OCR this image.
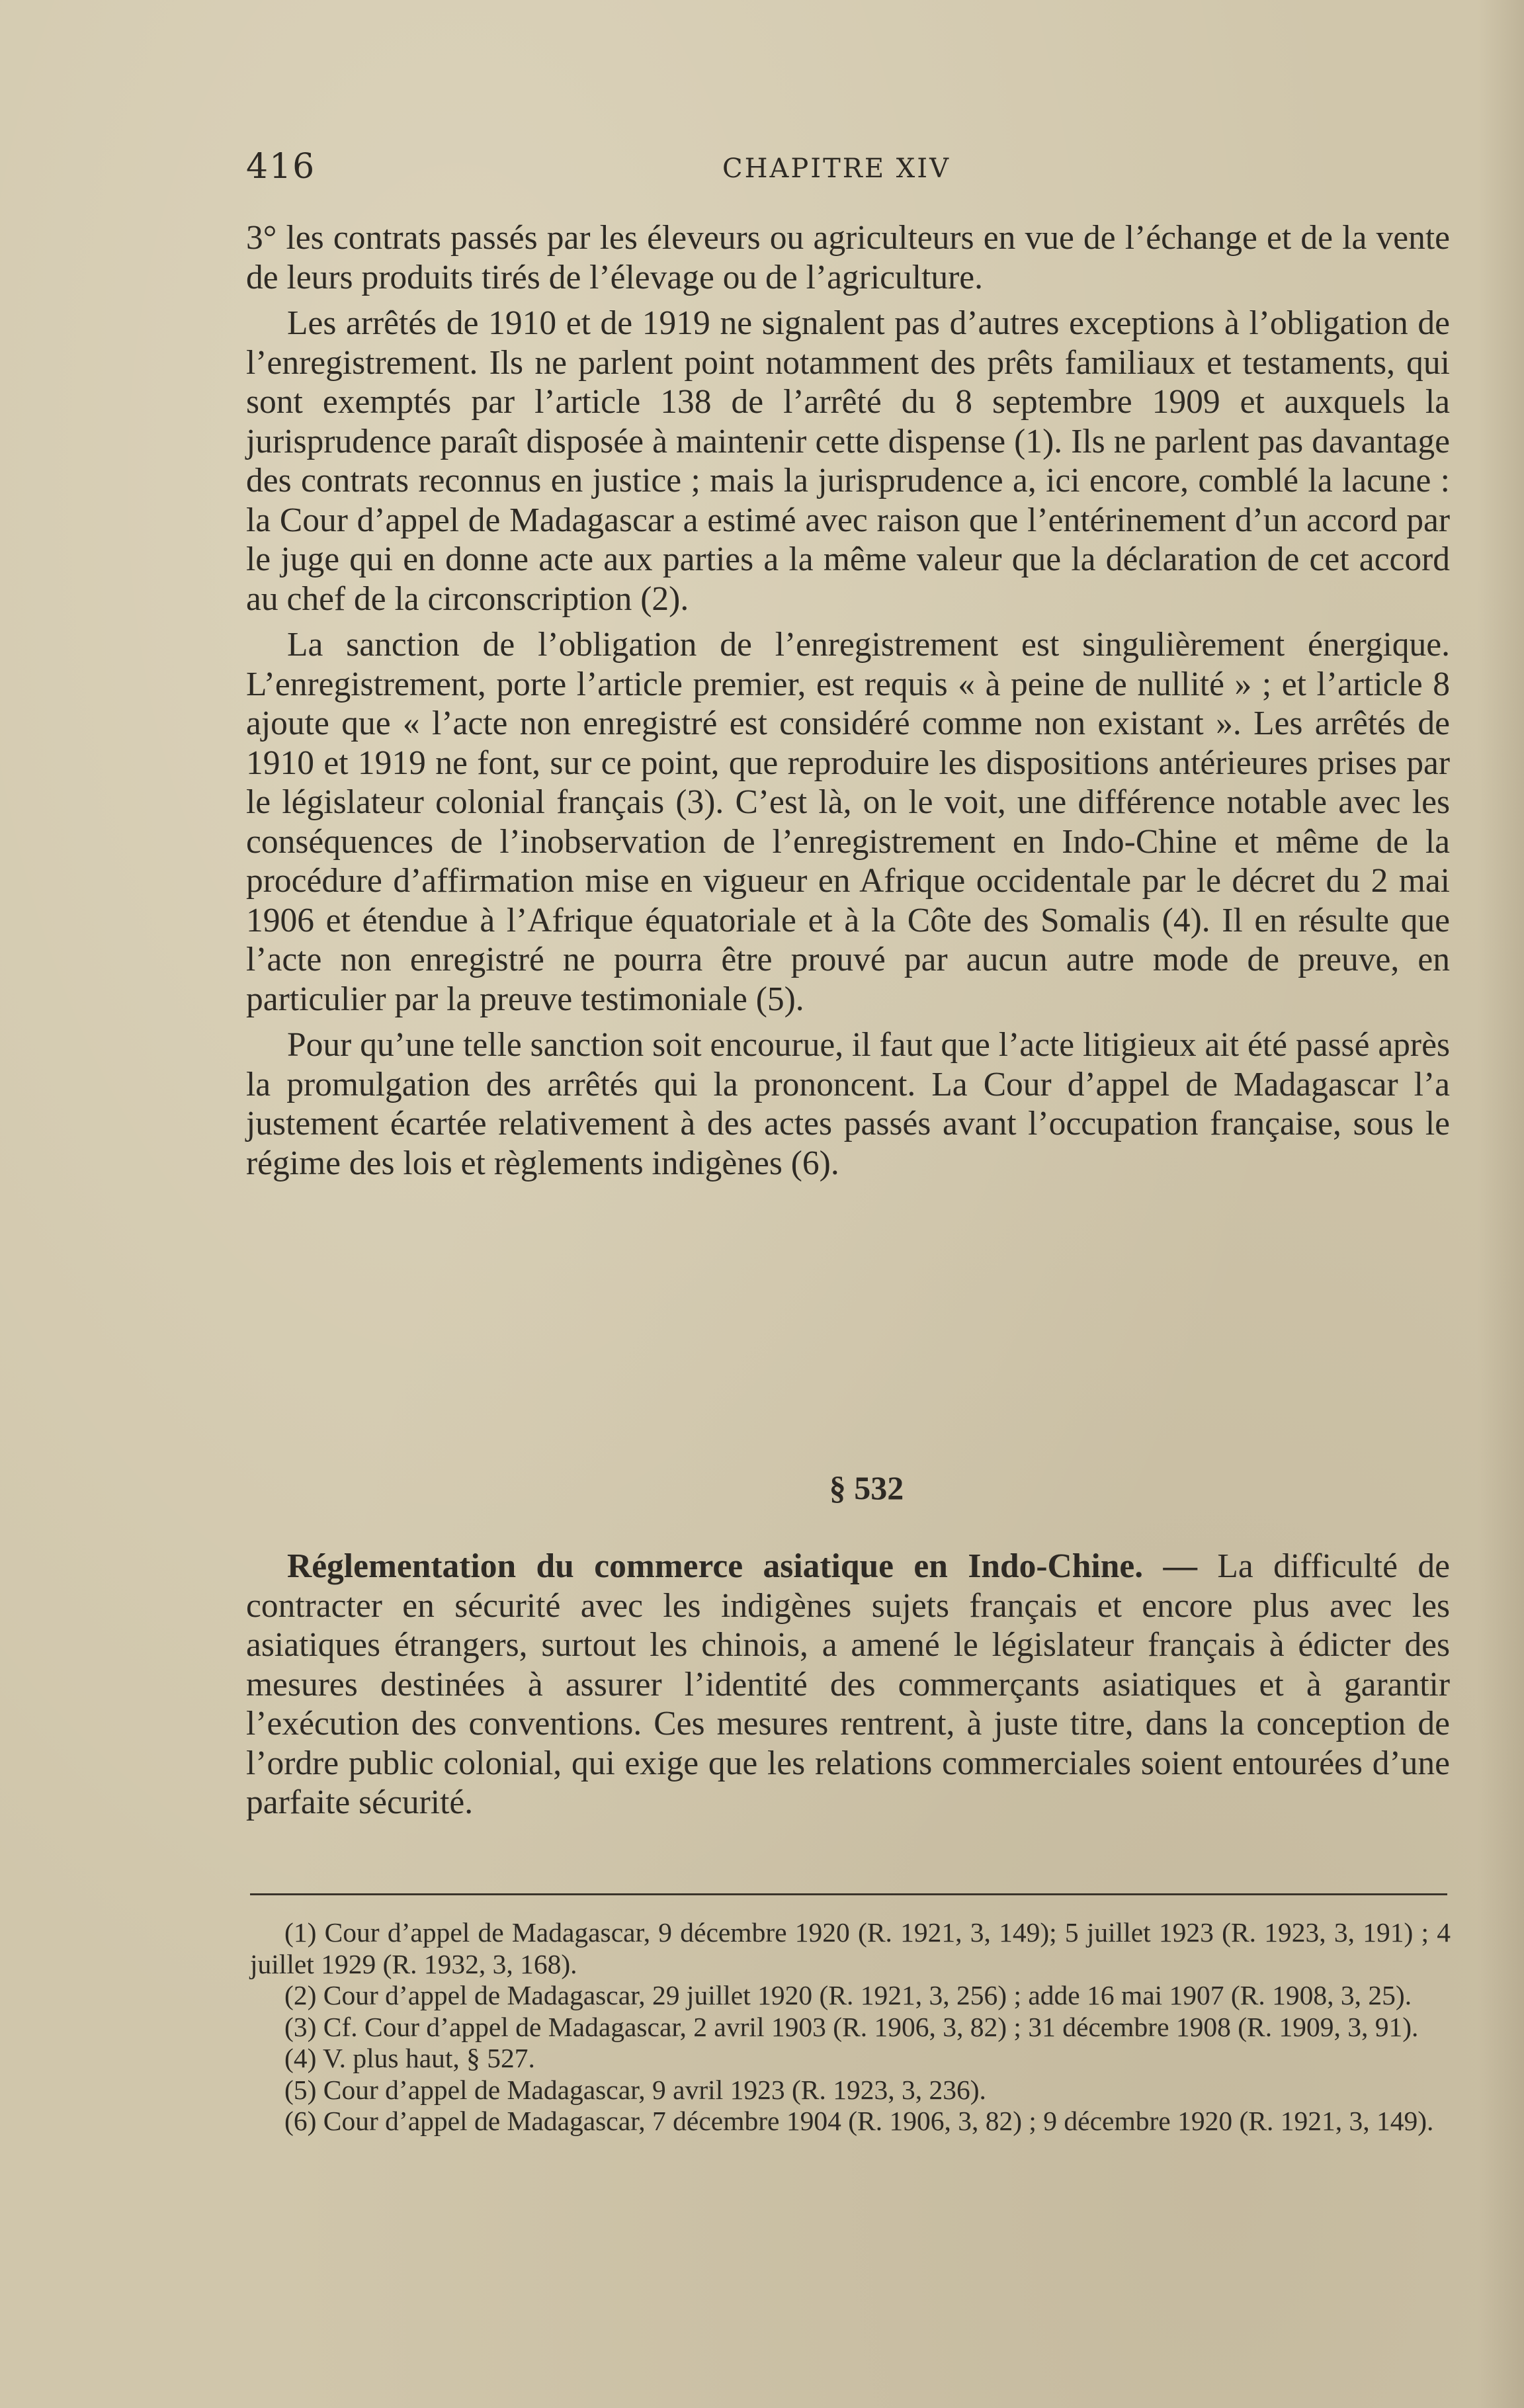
416	CHAPITRE XIV

3° les contrats passés par les éleveurs ou agriculteurs en vue de l’échange et de la vente de leurs produits tirés de l’élevage ou de l’agriculture.

Les arrêtés de 1910 et de 1919 ne signalent pas d’autres exceptions à l’obligation de l’enregistrement. Ils ne parlent point notamment des prêts familiaux et testaments, qui sont exemptés par l’article 138 de l’arrêté du 8 septembre 1909 et auxquels la jurisprudence paraît disposée à maintenir cette dispense (1). Ils ne parlent pas davantage des contrats reconnus en justice ; mais la jurisprudence a, ici encore, comblé la lacune : la Cour d’appel de Madagascar a estimé avec raison que l’entérinement d’un accord par le juge qui en donne acte aux parties a la même valeur que la déclaration de cet accord au chef de la circonscription (2).

La sanction de l’obligation de l’enregistrement est singulièrement énergique. L’enregistrement, porte l’article premier, est requis « à peine de nullité » ; et l’article 8 ajoute que « l’acte non enregistré est considéré comme non existant ». Les arrêtés de 1910 et 1919 ne font, sur ce point, que reproduire les dispositions antérieures prises par le législateur colonial français (3). C’est là, on le voit, une différence notable avec les conséquences de l’inobservation de l’enregistrement en Indo-Chine et même de la procédure d’affirmation mise en vigueur en Afrique occidentale par le décret du 2 mai 1906 et étendue à l’Afrique équatoriale et à la Côte des Somalis (4). Il en résulte que l’acte non enregistré ne pourra être prouvé par aucun autre mode de preuve, en particulier par la preuve testimoniale (5).

Pour qu’une telle sanction soit encourue, il faut que l’acte litigieux ait été passé après la promulgation des arrêtés qui la prononcent. La Cour d’appel de Madagascar l’a justement écartée relativement à des actes passés avant l’occupation française, sous le régime des lois et règlements indigènes (6).

§ 532

Réglementation du commerce asiatique en Indo-Chine. — La difficulté de contracter en sécurité avec les indigènes sujets français et encore plus avec les asiatiques étrangers, surtout les chinois, a amené le législateur français à édicter des mesures destinées à assurer l’identité des commerçants asiatiques et à garantir l’exécution des conventions. Ces mesures rentrent, à juste titre, dans la conception de l’ordre public colonial, qui exige que les relations commerciales soient entourées d’une parfaite sécurité.

(1) Cour d’appel de Madagascar, 9 décembre 1920 (R. 1921, 3, 149); 5 juillet 1923 (R. 1923, 3, 191) ; 4 juillet 1929 (R. 1932, 3, 168).

(2) Cour d’appel de Madagascar, 29 juillet 1920 (R. 1921, 3, 256) ; adde 16 mai 1907 (R. 1908, 3, 25).

(3) Cf. Cour d’appel de Madagascar, 2 avril 1903 (R. 1906, 3, 82) ; 31 décembre 1908 (R. 1909, 3, 91).

(4) V. plus haut, § 527.

(5) Cour d’appel de Madagascar, 9 avril 1923 (R. 1923, 3, 236).

(6) Cour d’appel de Madagascar, 7 décembre 1904 (R. 1906, 3, 82) ; 9 décembre 1920 (R. 1921, 3, 149).
